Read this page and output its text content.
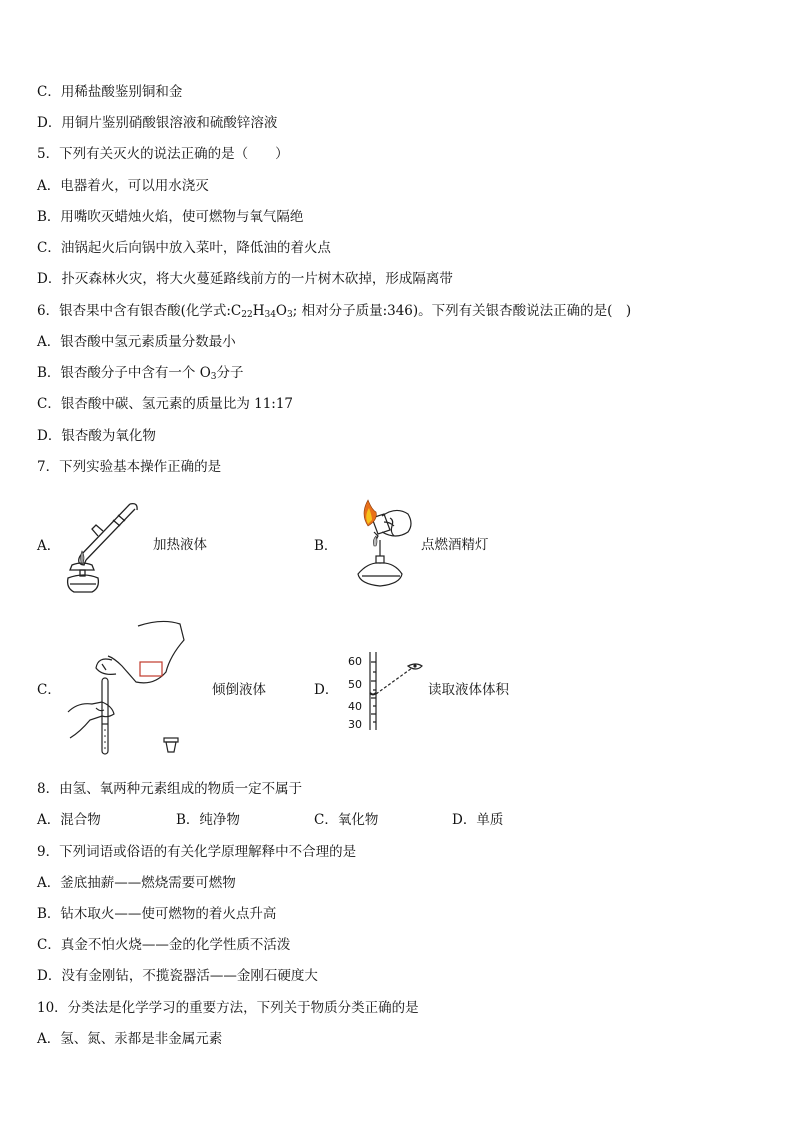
C．用稀盐酸鉴别铜和金
D．用铜片鉴别硝酸银溶液和硫酸锌溶液
5．下列有关灭火的说法正确的是（　　）
A．电器着火，可以用水浇灭
B．用嘴吹灭蜡烛火焰，使可燃物与氧气隔绝
C．油锅起火后向锅中放入菜叶，降低油的着火点
D．扑灭森林火灾，将大火蔓延路线前方的一片树木砍掉，形成隔离带
6．银杏果中含有银杏酸(化学式$:C_{22}H_{34}O_3$; 相对分子质量:346)。下列有关银杏酸说法正确的是(　)
A．银杏酸中氢元素质量分数最小
B．银杏酸分子中含有一个 $O_3$分子
C．银杏酸中碳、氢元素的质量比为 11:17
D．银杏酸为氧化物
7．下列实验基本操作正确的是
A．	加热液体	B．	点燃酒精灯
C．	倾倒液体	D．
60
50
40
30
读取液体体积
8．由氢、氧两种元素组成的物质一定不属于
A．混合物	B．纯净物	C．氧化物	D．单质
9．下列词语或俗语的有关化学原理解释中不合理的是
A．釜底抽薪——燃烧需要可燃物
B．钻木取火——使可燃物的着火点升高
C．真金不怕火烧——金的化学性质不活泼
D．没有金刚钻，不揽瓷器活——金刚石硬度大
10．分类法是化学学习的重要方法，下列关于物质分类正确的是
A．氢、氮、汞都是非金属元素
